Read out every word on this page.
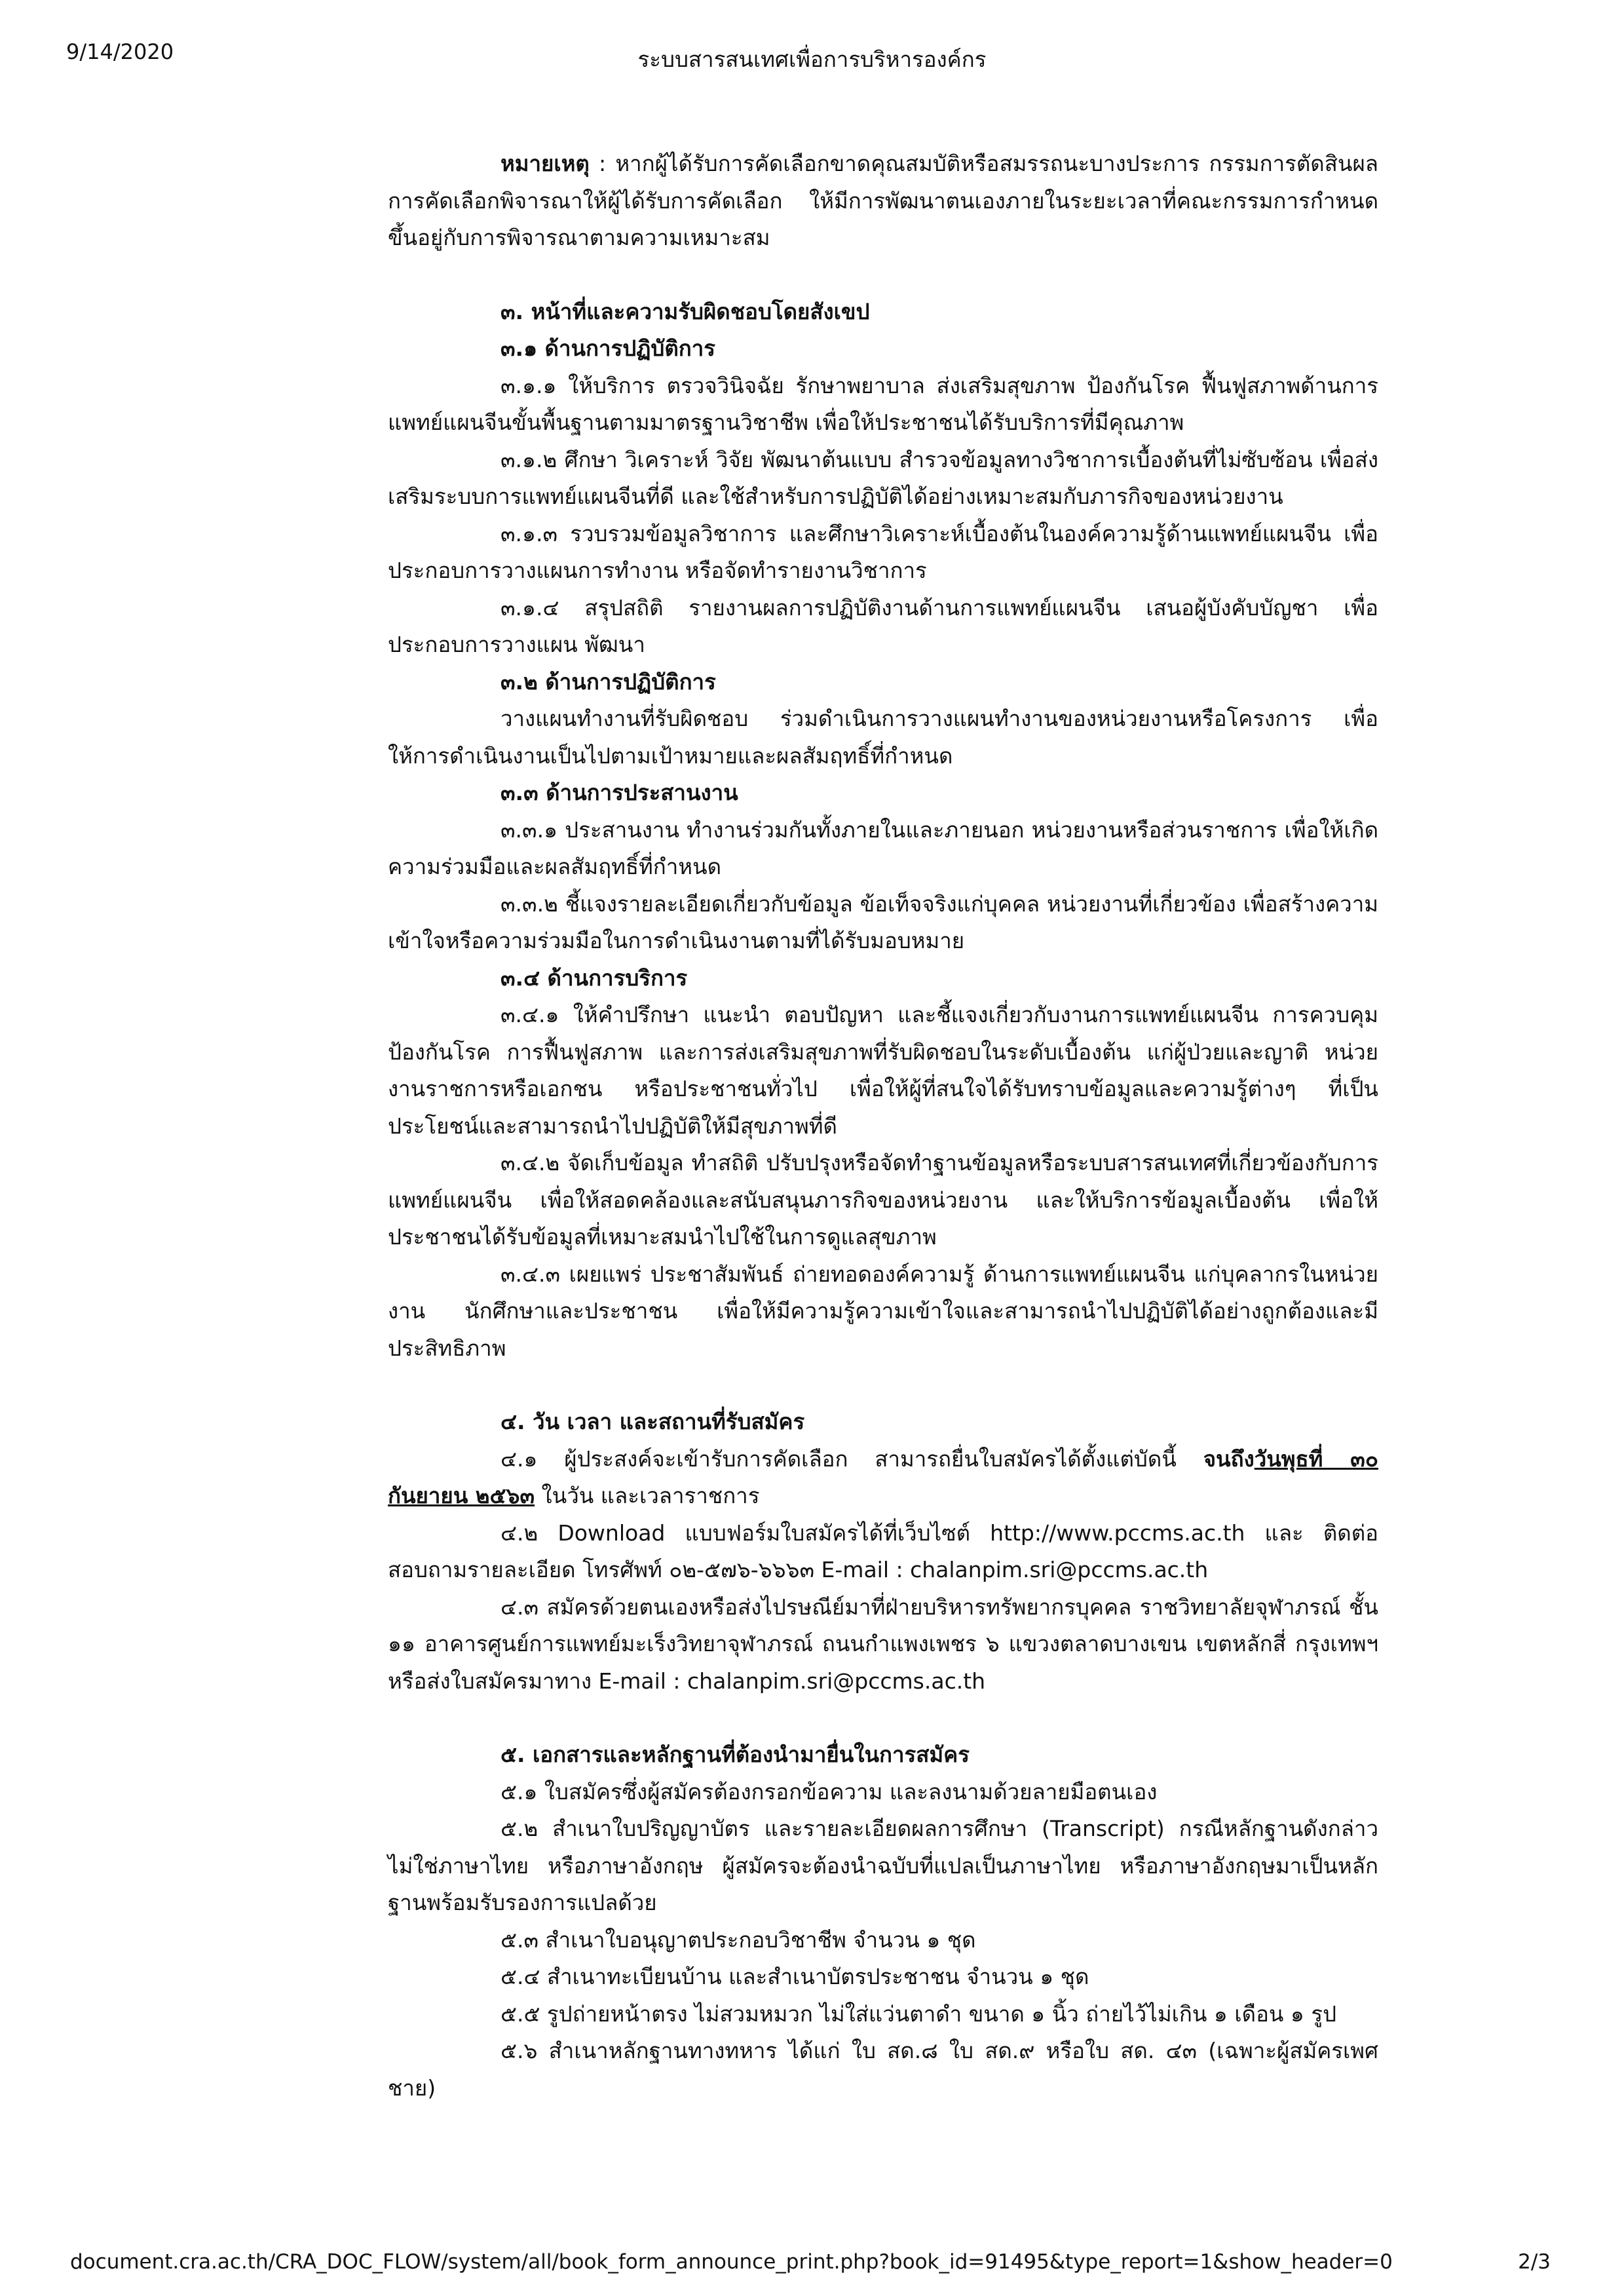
9/14/2020	ระบบสารสนเทศเพื่อการบริหารองค์กร

หมายเหตุ : หากผู้ได้รับการคัดเลือกขาดคุณสมบัติหรือสมรรถนะบางประการ กรรมการตัดสินผลการคัดเลือกพิจารณาให้ผู้ได้รับการคัดเลือก ให้มีการพัฒนาตนเองภายในระยะเวลาที่คณะกรรมการกำหนด ขึ้นอยู่กับการพิจารณาตามความเหมาะสม

๓. หน้าที่และความรับผิดชอบโดยสังเขป

๓.๑ ด้านการปฏิบัติการ

๓.๑.๑ ให้บริการ ตรวจวินิจฉัย รักษาพยาบาล ส่งเสริมสุขภาพ ป้องกันโรค ฟื้นฟูสภาพด้านการแพทย์แผนจีนขั้นพื้นฐานตามมาตรฐานวิชาชีพ เพื่อให้ประชาชนได้รับบริการที่มีคุณภาพ

๓.๑.๒ ศึกษา วิเคราะห์ วิจัย พัฒนาต้นแบบ สำรวจข้อมูลทางวิชาการเบื้องต้นที่ไม่ซับซ้อน เพื่อส่งเสริมระบบการแพทย์แผนจีนที่ดี และใช้สำหรับการปฏิบัติได้อย่างเหมาะสมกับภารกิจของหน่วยงาน

๓.๑.๓ รวบรวมข้อมูลวิชาการ และศึกษาวิเคราะห์เบื้องต้นในองค์ความรู้ด้านแพทย์แผนจีน เพื่อประกอบการวางแผนการทำงาน หรือจัดทำรายงานวิชาการ

๓.๑.๔ สรุปสถิติ รายงานผลการปฏิบัติงานด้านการแพทย์แผนจีน เสนอผู้บังคับบัญชา เพื่อประกอบการวางแผน พัฒนา

๓.๒ ด้านการปฏิบัติการ

วางแผนทำงานที่รับผิดชอบ ร่วมดำเนินการวางแผนทำงานของหน่วยงานหรือโครงการ เพื่อให้การดำเนินงานเป็นไปตามเป้าหมายและผลสัมฤทธิ์ที่กำหนด

๓.๓ ด้านการประสานงาน

๓.๓.๑ ประสานงาน ทำงานร่วมกันทั้งภายในและภายนอก หน่วยงานหรือส่วนราชการ เพื่อให้เกิดความร่วมมือและผลสัมฤทธิ์ที่กำหนด

๓.๓.๒ ชี้แจงรายละเอียดเกี่ยวกับข้อมูล ข้อเท็จจริงแก่บุคคล หน่วยงานที่เกี่ยวข้อง เพื่อสร้างความเข้าใจหรือความร่วมมือในการดำเนินงานตามที่ได้รับมอบหมาย

๓.๔ ด้านการบริการ

๓.๔.๑ ให้คำปรึกษา แนะนำ ตอบปัญหา และชี้แจงเกี่ยวกับงานการแพทย์แผนจีน การควบคุมป้องกันโรค การฟื้นฟูสภาพ และการส่งเสริมสุขภาพที่รับผิดชอบในระดับเบื้องต้น แก่ผู้ป่วยและญาติ หน่วยงานราชการหรือเอกชน หรือประชาชนทั่วไป เพื่อให้ผู้ที่สนใจได้รับทราบข้อมูลและความรู้ต่างๆ ที่เป็นประโยชน์และสามารถนำไปปฏิบัติให้มีสุขภาพที่ดี

๓.๔.๒ จัดเก็บข้อมูล ทำสถิติ ปรับปรุงหรือจัดทำฐานข้อมูลหรือระบบสารสนเทศที่เกี่ยวข้องกับการแพทย์แผนจีน เพื่อให้สอดคล้องและสนับสนุนภารกิจของหน่วยงาน และให้บริการข้อมูลเบื้องต้น เพื่อให้ประชาชนได้รับข้อมูลที่เหมาะสมนำไปใช้ในการดูแลสุขภาพ

๓.๔.๓ เผยแพร่ ประชาสัมพันธ์ ถ่ายทอดองค์ความรู้ ด้านการแพทย์แผนจีน แก่บุคลากรในหน่วยงาน นักศึกษาและประชาชน เพื่อให้มีความรู้ความเข้าใจและสามารถนำไปปฏิบัติได้อย่างถูกต้องและมีประสิทธิภาพ

๔. วัน เวลา และสถานที่รับสมัคร

๔.๑ ผู้ประสงค์จะเข้ารับการคัดเลือก สามารถยื่นใบสมัครได้ตั้งแต่บัดนี้ จนถึงวันพุธที่ ๓๐ กันยายน ๒๕๖๓ ในวัน และเวลาราชการ

๔.๒ Download แบบฟอร์มใบสมัครได้ที่เว็บไซต์ http://www.pccms.ac.th และ ติดต่อสอบถามรายละเอียด โทรศัพท์ ๐๒-๕๗๖-๖๖๖๓ E-mail : chalanpim.sri@pccms.ac.th

๔.๓ สมัครด้วยตนเองหรือส่งไปรษณีย์มาที่ฝ่ายบริหารทรัพยากรบุคคล ราชวิทยาลัยจุฬาภรณ์ ชั้น ๑๑ อาคารศูนย์การแพทย์มะเร็งวิทยาจุฬาภรณ์ ถนนกำแพงเพชร ๖ แขวงตลาดบางเขน เขตหลักสี่ กรุงเทพฯ หรือส่งใบสมัครมาทาง E-mail : chalanpim.sri@pccms.ac.th

๕. เอกสารและหลักฐานที่ต้องนำมายื่นในการสมัคร

๕.๑ ใบสมัครซึ่งผู้สมัครต้องกรอกข้อความ และลงนามด้วยลายมือตนเอง

๕.๒ สำเนาใบปริญญาบัตร และรายละเอียดผลการศึกษา (Transcript) กรณีหลักฐานดังกล่าวไม่ใช่ภาษาไทย หรือภาษาอังกฤษ ผู้สมัครจะต้องนำฉบับที่แปลเป็นภาษาไทย หรือภาษาอังกฤษมาเป็นหลักฐานพร้อมรับรองการแปลด้วย

๕.๓ สำเนาใบอนุญาตประกอบวิชาชีพ จำนวน ๑ ชุด

๕.๔ สำเนาทะเบียนบ้าน และสำเนาบัตรประชาชน จำนวน ๑ ชุด

๕.๕ รูปถ่ายหน้าตรง ไม่สวมหมวก ไม่ใส่แว่นตาดำ ขนาด ๑ นิ้ว ถ่ายไว้ไม่เกิน ๑ เดือน ๑ รูป

๕.๖ สำเนาหลักฐานทางทหาร ได้แก่ ใบ สด.๘ ใบ สด.๙ หรือใบ สด. ๔๓ (เฉพาะผู้สมัครเพศชาย)

document.cra.ac.th/CRA_DOC_FLOW/system/all/book_form_announce_print.php?book_id=91495&type_report=1&show_header=0	2/3
